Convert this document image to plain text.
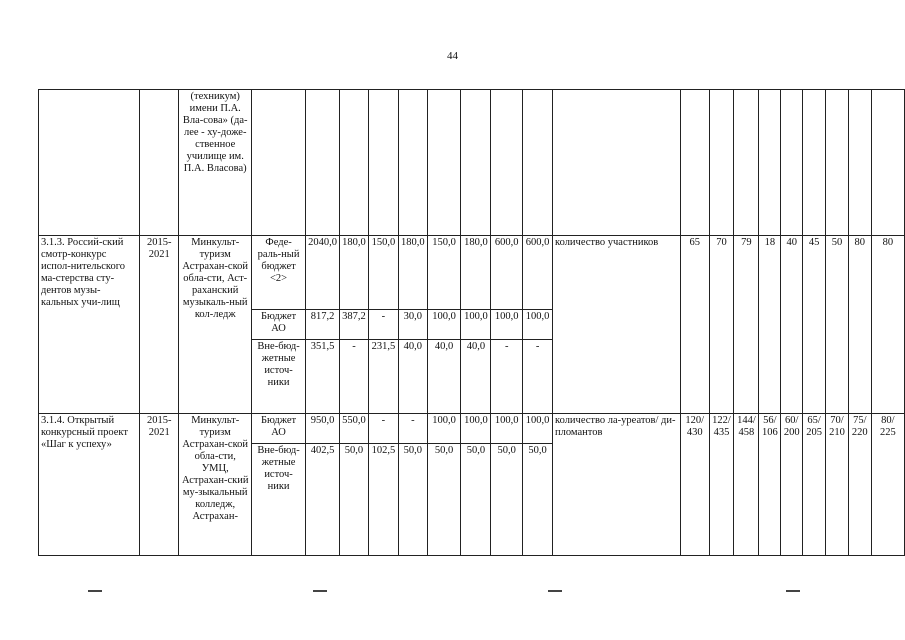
44
		(техникум) имени П.А. Вла-сова» (да-лее - ху-доже-ственное училище им. П.А. Власова)																			
3.1.3. Россий-ский смотр-конкурс испол-нительского ма-стерства сту-дентов музы-кальных учи-лищ	2015-2021	Минкульт-туризм Астрахан-ской обла-сти, Аст-раханский музыкаль-ный кол-ледж	Феде-раль-ный бюджет <2>	2040,0	180,0	150,0	180,0	150,0	180,0	600,0	600,0	количество участников	65	70	79	18	40	45	50	80	80
			Бюджет АО	817,2	387,2	-	30,0	100,0	100,0	100,0	100,0										
			Вне-бюд-жетные источ-ники	351,5	-	231,5	40,0	40,0	40,0	-	-										
3.1.4. Открытый конкурсный проект «Шаг к успеху»	2015-2021	Минкульт-туризм Астрахан-ской обла-сти, УМЦ, Астрахан-ский му-зыкальный колледж, Астрахан-	Бюджет АО	950,0	550,0	-	-	100,0	100,0	100,0	100,0	количество ла-уреатов/ ди-пломантов	120/ 430	122/ 435	144/ 458	56/ 106	60/ 200	65/ 205	70/ 210	75/ 220	80/ 225
			Вне-бюд-жетные источ-ники	402,5	50,0	102,5	50,0	50,0	50,0	50,0	50,0										
